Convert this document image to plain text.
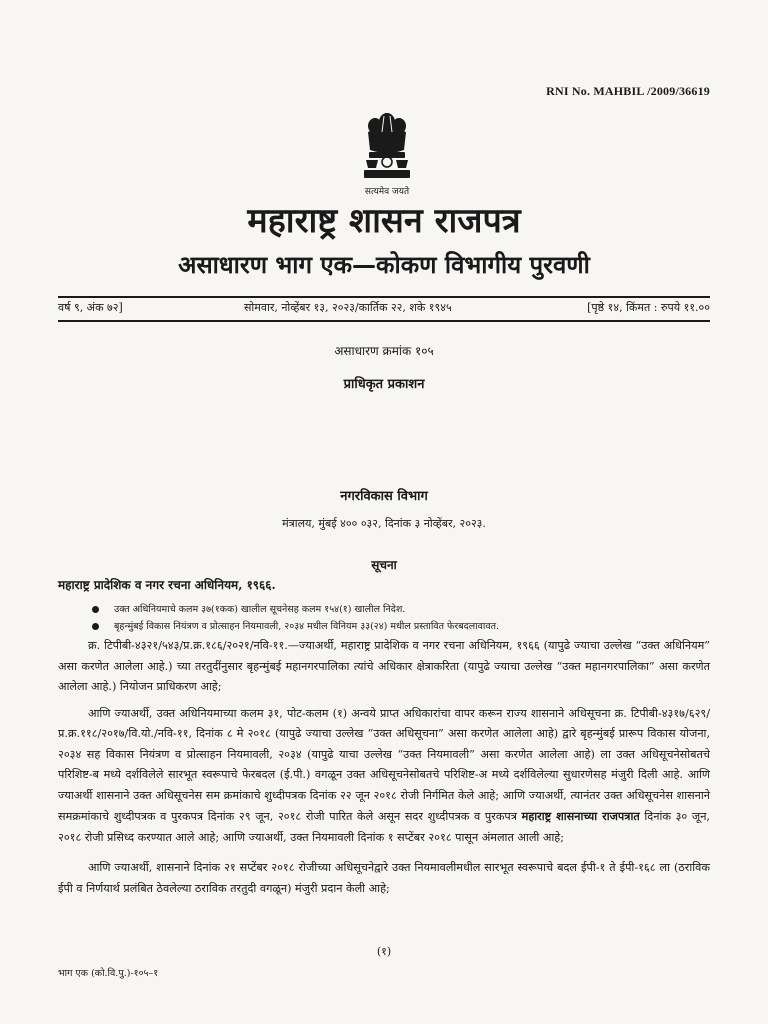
RNI No. MAHBIL /2009/36619
सत्यमेव जयते
महाराष्ट्र शासन राजपत्र
असाधारण भाग एक—कोकण विभागीय पुरवणी
वर्ष ९, अंक ७२]	सोमवार, नोव्हेंबर १३, २०२३/कार्तिक २२, शके १९४५	[पृष्ठे १४, किंमत : रुपये ११.००
असाधारण क्रमांक १०५
प्राधिकृत प्रकाशन
नगरविकास विभाग
मंत्रालय, मुंबई ४०० ०३२, दिनांक ३ नोव्हेंबर, २०२३.
सूचना
महाराष्ट्र प्रादेशिक व नगर रचना अधिनियम, १९६६.
उक्त अधिनियमाचे कलम ३७(१कक) खालील सूचनेसह कलम १५४(१) खालील निदेश.
बृहन्मुंबई विकास नियंत्रण व प्रोत्साहन नियमावली, २०३४ मधील विनियम ३३(२४) मधील प्रस्तावित फेरबदलावावत.

क्र. टिपीबी-४३२१/५४३/प्र.क्र.१८६/२०२१/नवि-११.—ज्याअर्थी, महाराष्ट्र प्रादेशिक व नगर रचना अधिनियम, १९६६ (यापुढे ज्याचा उल्लेख “उक्त अधिनियम” असा करणेत आलेला आहे.) च्या तरतुदींनुसार बृहन्मुंबई महानगरपालिका त्यांचे अधिकार क्षेत्राकरिता (यापुढे ज्याचा उल्लेख “उक्त महानगरपालिका” असा करणेत आलेला आहे.) नियोजन प्राधिकरण आहे;

आणि ज्याअर्थी, उक्त अधिनियमाच्या कलम ३१, पोट-कलम (१) अन्वये प्राप्त अधिकारांचा वापर करून राज्य शासनाने अधिसूचना क्र. टिपीबी-४३१७/६२९/प्र.क्र.११८/२०१७/वि.यो./नवि-११, दिनांक ८ मे २०१८ (यापुढे ज्याचा उल्लेख “उक्त अधिसूचना” असा करणेत आलेला आहे) द्वारे बृहन्मुंबई प्रारूप विकास योजना, २०३४ सह विकास नियंत्रण व प्रोत्साहन नियमावली, २०३४ (यापुढे याचा उल्लेख “उक्त नियमावली” असा करणेत आलेला आहे) ला उक्त अधिसूचनेसोबतचे परिशिष्ट-ब मध्ये दर्शविलेले सारभूत स्वरूपाचे फेरबदल (ई.पी.) वगळून उक्त अधिसूचनेसोबतचे परिशिष्ट-अ मध्ये दर्शविलेल्या सुधारणेसह मंजुरी दिली आहे. आणि ज्याअर्थी शासनाने उक्त अधिसूचनेस सम क्रमांकाचे शुध्दीपत्रक दिनांक २२ जून २०१८ रोजी निर्गमित केले आहे; आणि ज्याअर्थी, त्यानंतर उक्त अधिसूचनेस शासनाने समक्रमांकाचे शुध्दीपत्रक व पुरकपत्र दिनांक २९ जून, २०१८ रोजी पारित केले असून सदर शुध्दीपत्रक व पुरकपत्र महाराष्ट्र शासनाच्या राजपत्रात दिनांक ३० जून, २०१८ रोजी प्रसिध्द करण्यात आले आहे; आणि ज्याअर्थी, उक्त नियमावली दिनांक १ सप्टेंबर २०१८ पासून अंमलात आली आहे;

आणि ज्याअर्थी, शासनाने दिनांक २१ सप्टेंबर २०१८ रोजीच्या अधिसूचनेद्वारे उक्त नियमावलीमधील सारभूत स्वरूपाचे बदल ईपी-१ ते ईपी-१६८ ला (ठराविक ईपी व निर्णयार्थ प्रलंबित ठेवलेल्या ठराविक तरतुदी वगळून) मंजुरी प्रदान केली आहे;

(१)
भाग एक (को.वि.पु.)-१०५–१
